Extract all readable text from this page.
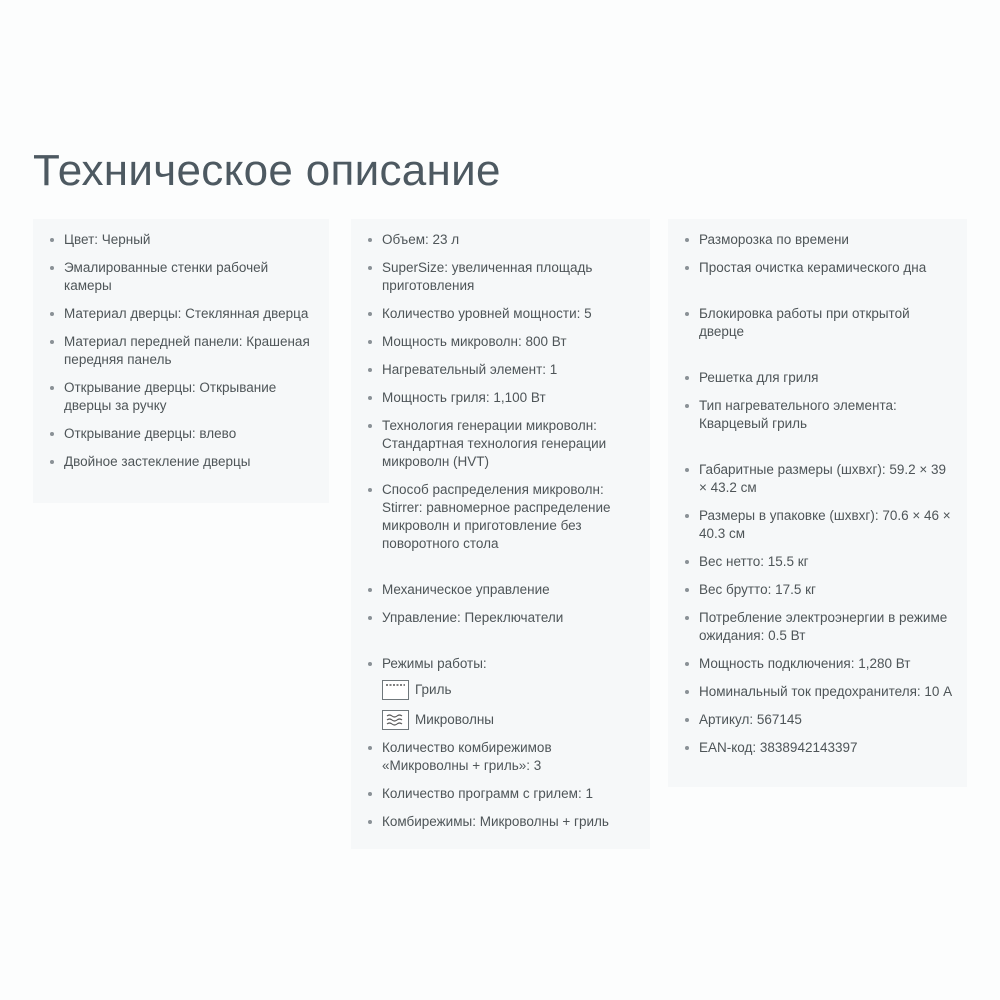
Техническое описание
Цвет: Черный
Эмалированные стенки рабочей камеры
Материал дверцы: Стеклянная дверца
Материал передней панели: Крашеная передняя панель
Открывание дверцы: Открывание дверцы за ручку
Открывание дверцы: влево
Двойное застекление дверцы
Объем: 23 л
SuperSize: увеличенная площадь приготовления
Количество уровней мощности: 5
Мощность микроволн: 800 Вт
Нагревательный элемент: 1
Мощность гриля: 1,100 Вт
Технология генерации микроволн: Стандартная технология генерации микроволн (HVT)
Способ распределения микроволн: Stirrer: равномерное распределение микроволн и приготовление без поворотного стола
Механическое управление
Управление: Переключатели
Режимы работы:
Гриль
Микроволны
Количество комбирежимов «Микроволны + гриль»: 3
Количество программ с грилем: 1
Комбирежимы: Микроволны + гриль
Разморозка по времени
Простая очистка керамического дна
Блокировка работы при открытой дверце
Решетка для гриля
Тип нагревательного элемента: Кварцевый гриль
Габаритные размеры (шхвхг): 59.2 × 39 × 43.2 см
Размеры в упаковке (шхвхг): 70.6 × 46 × 40.3 см
Вес нетто: 15.5 кг
Вес брутто: 17.5 кг
Потребление электроэнергии в режиме ожидания: 0.5 Вт
Мощность подключения: 1,280 Вт
Номинальный ток предохранителя: 10 А
Артикул: 567145
EAN-код: 3838942143397
